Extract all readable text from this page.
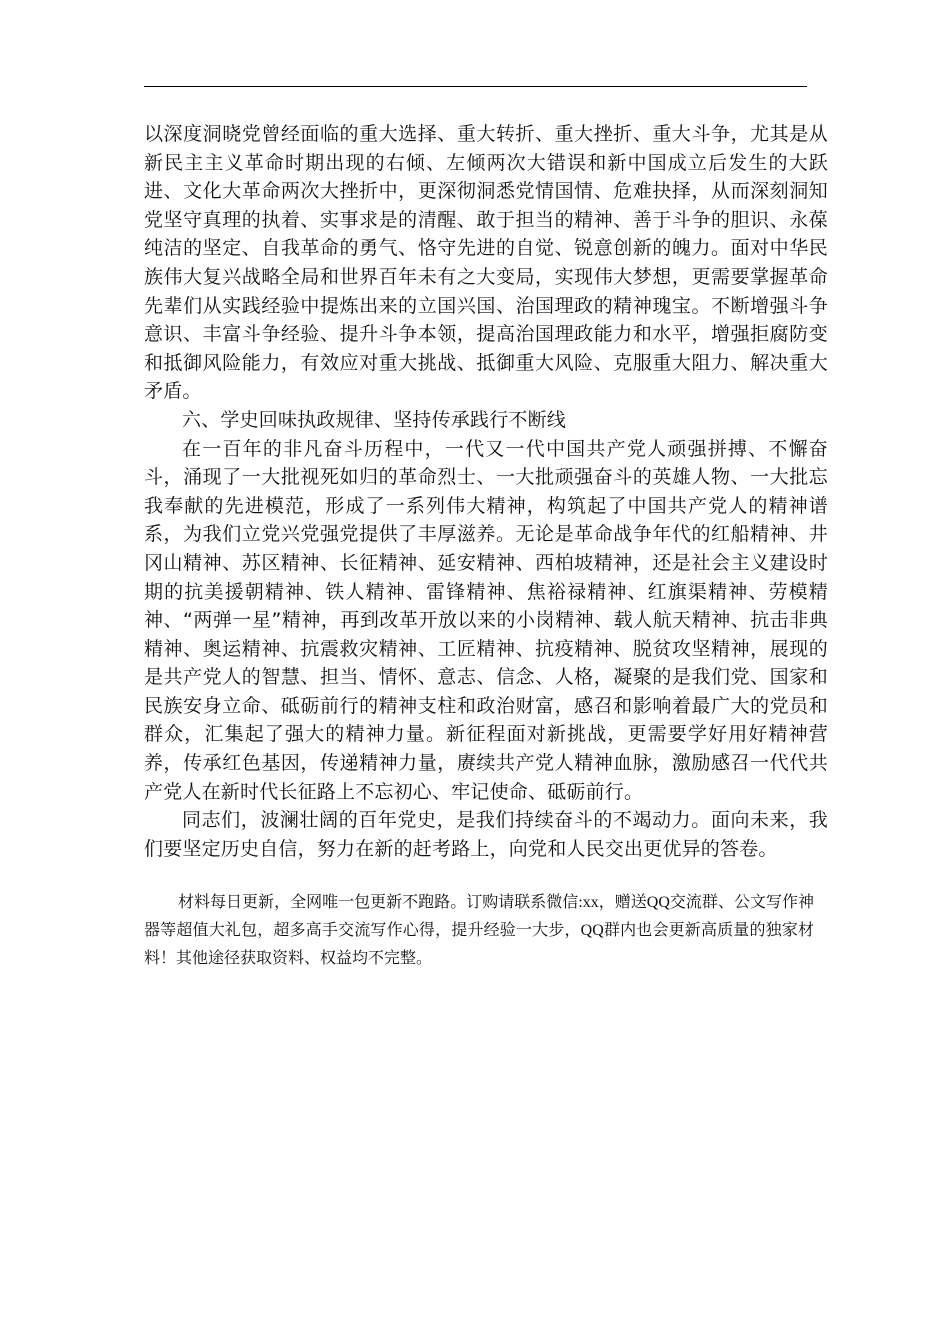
以深度洞晓党曾经面临的重大选择、重大转折、重大挫折、重大斗争，尤其是从新民主主义革命时期出现的右倾、左倾两次大错误和新中国成立后发生的大跃进、文化大革命两次大挫折中，更深彻洞悉党情国情、危难抉择，从而深刻洞知党坚守真理的执着、实事求是的清醒、敢于担当的精神、善于斗争的胆识、永葆纯洁的坚定、自我革命的勇气、恪守先进的自觉、锐意创新的魄力。面对中华民族伟大复兴战略全局和世界百年未有之大变局，实现伟大梦想，更需要掌握革命先辈们从实践经验中提炼出来的立国兴国、治国理政的精神瑰宝。不断增强斗争意识、丰富斗争经验、提升斗争本领，提高治国理政能力和水平，增强拒腐防变和抵御风险能力，有效应对重大挑战、抵御重大风险、克服重大阻力、解决重大矛盾。

六、学史回味执政规律、坚持传承践行不断线

在一百年的非凡奋斗历程中，一代又一代中国共产党人顽强拼搏、不懈奋斗，涌现了一大批视死如归的革命烈士、一大批顽强奋斗的英雄人物、一大批忘我奉献的先进模范，形成了一系列伟大精神，构筑起了中国共产党人的精神谱系，为我们立党兴党强党提供了丰厚滋养。无论是革命战争年代的红船精神、井冈山精神、苏区精神、长征精神、延安精神、西柏坡精神，还是社会主义建设时期的抗美援朝精神、铁人精神、雷锋精神、焦裕禄精神、红旗渠精神、劳模精神、“两弹一星”精神，再到改革开放以来的小岗精神、载人航天精神、抗击非典精神、奥运精神、抗震救灾精神、工匠精神、抗疫精神、脱贫攻坚精神，展现的是共产党人的智慧、担当、情怀、意志、信念、人格，凝聚的是我们党、国家和民族安身立命、砥砺前行的精神支柱和政治财富，感召和影响着最广大的党员和群众，汇集起了强大的精神力量。新征程面对新挑战，更需要学好用好精神营养，传承红色基因，传递精神力量，赓续共产党人精神血脉，激励感召一代代共产党人在新时代长征路上不忘初心、牢记使命、砥砺前行。

同志们，波澜壮阔的百年党史，是我们持续奋斗的不竭动力。面向未来，我们要坚定历史自信，努力在新的赶考路上，向党和人民交出更优异的答卷。

材料每日更新，全网唯一包更新不跑路。订购请联系微信:xx，赠送QQ交流群、公文写作神器等超值大礼包，超多高手交流写作心得，提升经验一大步，QQ群内也会更新高质量的独家材料！其他途径获取资料、权益均不完整。
